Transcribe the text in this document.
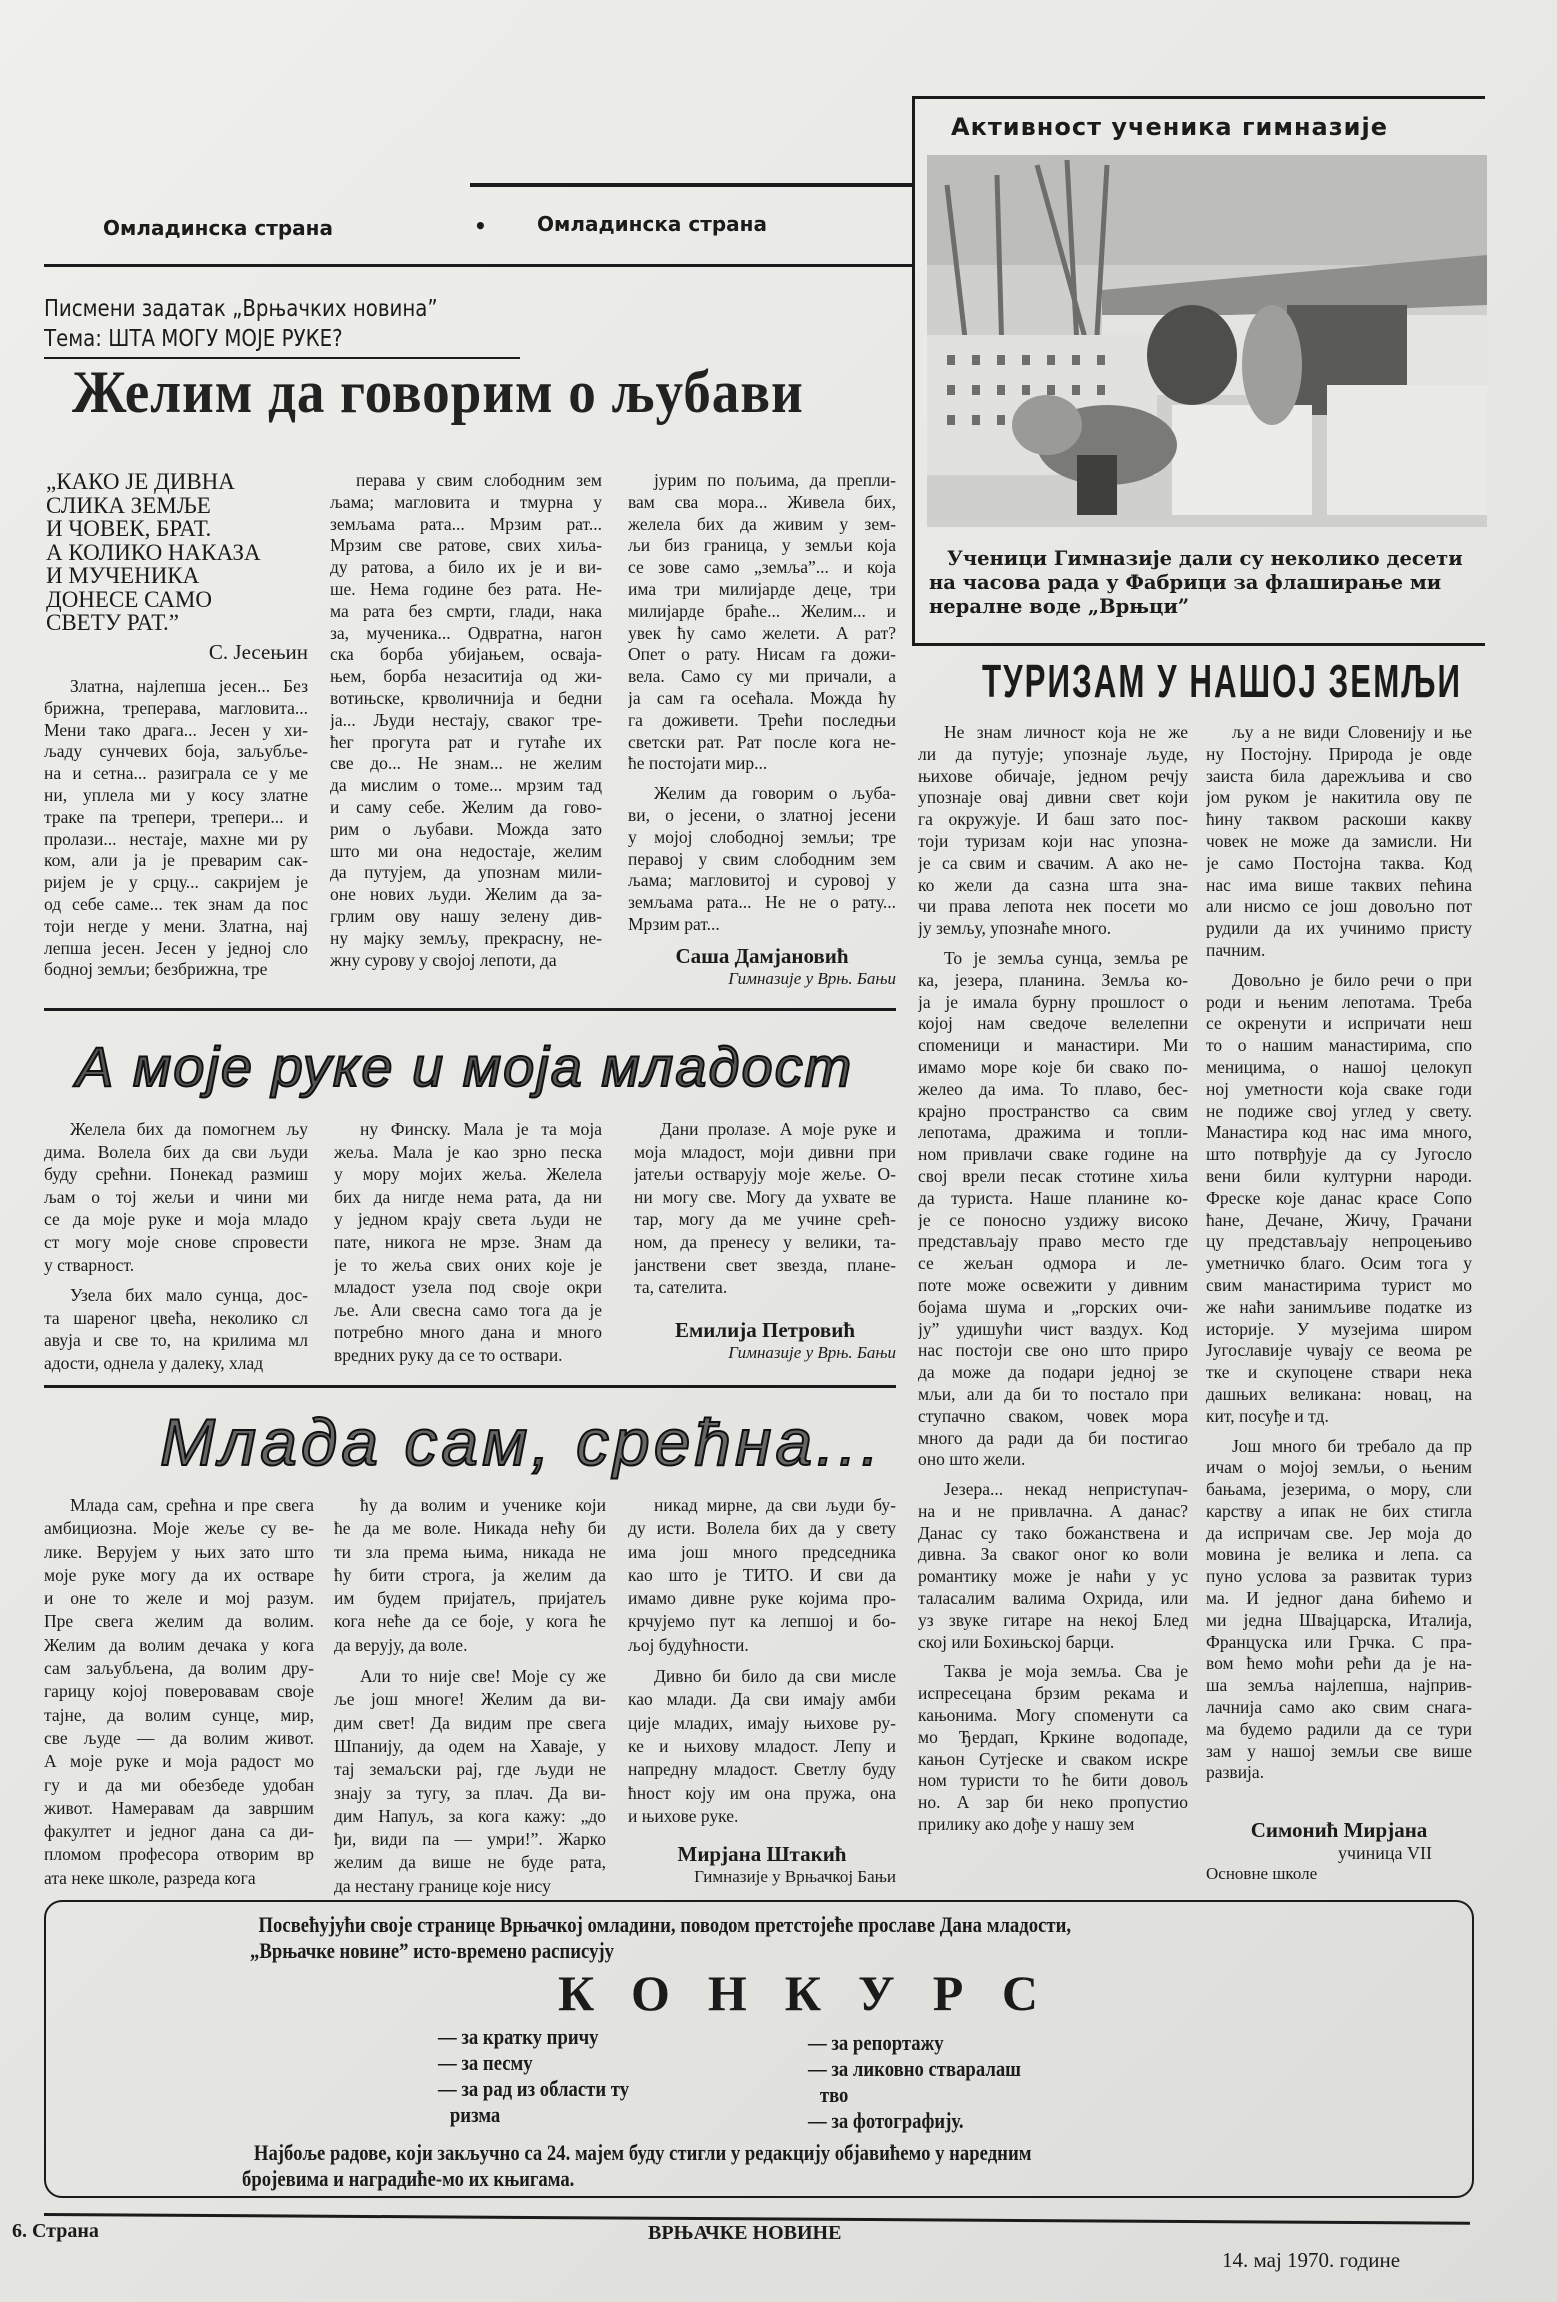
Омладинска страна	•	Омладинска страна
Писмени задатак „Врњачких новина”
Тема: ШТА МОГУ МОЈЕ РУКЕ?
Желим да говорим о љубави
„КАКО ЈЕ ДИВНА
СЛИКА ЗЕМЉЕ
И ЧОВЕК, БРАТ.
А КОЛИКО НАКАЗА
И МУЧЕНИКА
ДОНЕСЕ САМО
СВЕТУ РАТ.”
С. Јесењин
Златна, најлепша јесен... Без
брижна, треперава, магловита...
Мени тако драга... Јесен у хи-
љаду сунчевих боја, заљубље-
на и сетна... разиграла се у ме
ни, уплела ми у косу златне
траке па трепери, трепери... и
пролази... нестаје, махне ми ру
ком, али ја је преварим сак-
ријем је у срцу... сакријем је
од себе саме... тек знам да пос
тоји негде у мени. Златна, нај
лепша јесен. Јесен у једној сло
бодној земљи; безбрижна, тре
перава у свим слободним зем
љама; магловита и тмурна у
земљама рата... Мрзим рат...
Мрзим све ратове, свих хиља-
ду ратова, а било их је и ви-
ше. Нема године без рата. Не-
ма рата без смрти, глади, нака
за, мученика... Одвратна, нагон
ска борба убијањем, освaја-
њем, борба незаситија од жи-
вотињске, крволичнија и бедни
ја... Људи нестају, сваког тре-
ћег прогута рат и гутаће их
све до... Не знам... не желим
да мислим о томе... мрзим тад
и саму себе. Желим да гово-
рим о љубави. Можда зато
што ми она недостаје, желим
да путујем, да упознам мили-
оне нових људи. Желим да за-
грлим ову нашу зелену див-
ну мајку земљу, прекрасну, не-
жну сурову у својој лепоти, да
јурим по пољима, да препли-
вам сва мора... Живела бих,
желела бих да живим у зем-
љи биз граница, у земљи која
се зове само „земља”... и која
има три милијарде деце, три
милијарде браће... Желим... и
увек ћу само желети. А рат?
Опет о рату. Нисам га дожи-
вела. Само су ми причали, а
ја сам га осећала. Можда ћу
га доживети. Трећи последњи
светски рат. Рат после кога не-
ће постојати мир...
Желим да говорим о љуба-
ви, о јесени, о златној јесени
у мојој слободној земљи; тре
перавој у свим слободним зем
љама; магловитој и суровој у
земљама рата... Не не о рату...
Мрзим рат...
Саша Дамјановић
Гимназије у Врњ. Бањи
А моје руке и моја младост
Желела бих да помогнем љу
дима. Волела бих да сви људи
буду срећни. Понекад размиш
љам о тој жељи и чини ми
се да моје руке и моја младо
ст могу моје снове спровести
у стварност.
Узела бих мало сунца, дос-
та шареног цвећа, неколико сл
авуја и све то, на крилима мл
адости, однела у далеку, хлад
ну Финску. Мала је та моја
жеља. Мала је као зрно песка
у мору мојих жеља. Желела
бих да нигде нема рата, да ни
у једном крају света људи не
пате, никога не мрзе. Знам да
је то жеља свих оних које је
младост узела под своје окри
ље. Али свесна само тога да је
потребно много дана и много
вредних руку да се то оствари.
Дани пролазе. А моје руке и
моја младост, моји дивни при
јатељи остварују моје жеље. О-
ни могу све. Могу да ухвате ве
тар, могу да ме учине срећ-
ном, да пренесу у велики, та-
јанствени свет звезда, плане-
та, сателита.
Емилија Петровић
Гимназије у Врњ. Бањи
Млада сам, срећна...
Млада сам, срећна и пре свега
амбициозна. Моје жеље су ве-
лике. Верујем у њих зато што
моје руке могу да их остваре
и оне то желе и мој разум.
Пре свега желим да волим.
Желим да волим дечака у кога
сам заљубљена, да волим дру-
гарицу којој поверовавам своје
тајне, да волим сунце, мир,
све људе — да волим живот.
А моје руке и моја радост мо
гу и да ми обезбеде удобан
живот. Намеравам да завршим
факултет и једног дана са ди-
пломом професора отворим вр
ата неке школе, разреда кога
ћу да волим и ученике који
ће да ме воле. Никада нећу би
ти зла према њима, никада не
ћу бити строга, ја желим да
им будем пријатељ, пријатељ
кога неће да се боје, у кога ће
да верују, да воле.
Али то није све! Моје су же
ље још многе! Желим да ви-
дим свет! Да видим пре свега
Шпанију, да одем на Хаваје, у
тај земаљски рај, где људи не
знају за тугу, за плач. Да ви-
дим Напуљ, за кога кажу: „до
ђи, види па — умри!”. Жарко
желим да више не буде рата,
да нестану границе које нису
никад мирне, да сви људи бу-
ду исти. Волела бих да у свету
има још много председника
као што је ТИТО. И сви да
имамо дивне руке којима про-
крчујемо пут ка лепшој и бо-
љој будућности.
Дивно би било да сви мисле
као млади. Да сви имају амби
ције младих, имају њихове ру-
ке и њихову младост. Лепу и
напредну младост. Светлу буду
ћност коју им она пружа, она
и њихове руке.
Мирјана Штакић
Гимназије у Врњачкој Бањи
Активност ученика гимназије
Ученици Гимназије дали су неколико десети
на часова рада у Фабрици за флаширање ми
нералне воде „Врњци”
ТУРИЗАМ У НАШОЈ ЗЕМЉИ
Не знам личност која не же
ли да путује; упознаје људе,
њихове обичаје, једном речју
упознаје овај дивни свет који
га окружује. И баш зато пос-
тоји туризам који нас упозна-
је са свим и свачим. А ако не-
ко жели да сазна шта зна-
чи права лепота нек посети мо
ју земљу, упознаће много.
То је земља сунца, земља ре
ка, језера, планина. Земља ко-
ја је имала бурну прошлост о
којој нам сведоче велелепни
споменици и манастири. Ми
имамо море које би свако по-
желео да има. То плаво, бес-
крајно пространство са свим
лепотама, дражима и топли-
ном привлачи сваке године на
свој врели песак стотине хиља
да туриста. Наше планине ко-
је се поносно уздижу високо
представљају право место где
се жељан одмора и ле-
поте може освежити у дивним
бојама шума и „горских очи-
ју” удишући чист ваздух. Код
нас постоји све оно што приро
да може да подари једној зе
мљи, али да би то постало при
ступачно сваком, човек мора
много да ради да би постигао
оно што жели.
Језера... некад неприступач-
на и не привлачна. А данас?
Данас су тако божанствена и
дивна. За сваког оног ко воли
романтику може је наћи у ус
таласалим валима Охрида, или
уз звуке гитаре на некој Блед
ској или Бохињској барци.
Таква је моја земља. Сва је
испресецана брзим рекама и
кањонима. Могу споменути са
мо Ђердап, Кркине водопаде,
кањон Сутјеске и сваком искре
ном туристи то ће бити довољ
но. А зар би неко пропустио
прилику ако дође у нашу зем
љу а не види Словенију и ње
ну Постојну. Природа је овде
заиста била дарежљива и сво
јом руком је накитила ову пе
ћину таквом раскоши какву
човек не може да замисли. Ни
је само Постојна таква. Код
нас има више таквих пећина
али нисмо се још довољно пот
рудили да их учинимо присту
пачним.
Довољно је било речи о при
роди и њеним лепотама. Треба
се окренути и испричати неш
то о нашим манастирима, спо
меницима, о нашој целокуп
ној уметности која сваке годи
не подиже свој углед у свету.
Манастира код нас има много,
што потврђује да су Југосло
вени били културни народи.
Фреске које данас красе Сопо
ћане, Дечане, Жичу, Грачани
цу представљају непроцењиво
уметничко благо. Осим тога у
свим манастирима турист мо
же наћи занимљиве податке из
историје. У музејима широм
Југославије чувају се веома ре
тке и скупоцене ствари нека
дашњих великана: новац, на
кит, посуђе и тд.
Још много би требало да пр
ичам о мојој земљи, о њеним
бањама, језерима, о мору, сли
карству а ипак не бих стигла
да испричам све. Јер моја до
мовина је велика и лепа. са
пуно услова за развитак туриз
ма. И једног дана бићемо и
ми једна Швајцарска, Италија,
Француска или Грчка. С пра-
вом ћемо моћи рећи да је на-
ша земља најлепша, најприв-
лачнија само ако свим снага-
ма будемо радили да се тури
зам у нашој земљи све више
развија.
Симонић Мирјана
учиница VII
Основне школе
Посвећујући своје странице Врњачкој омладини, поводом претстојеће прославе Дана младости,
„Врњачке новине” исто-времено расписују
КОНКУРС
— за кратку причу
— за песму
— за рад из области ту
ризма
— за репортажу
— за ликовно стваралаш
тво
— за фотографију.
Најбоље радове, који закључно са 24. мајем буду стигли у редакцију објавићемо у наредним
бројевима и наградиће-мо их књигама.
6. Страна	ВРЊАЧКЕ НОВИНЕ
14. мај 1970. године
